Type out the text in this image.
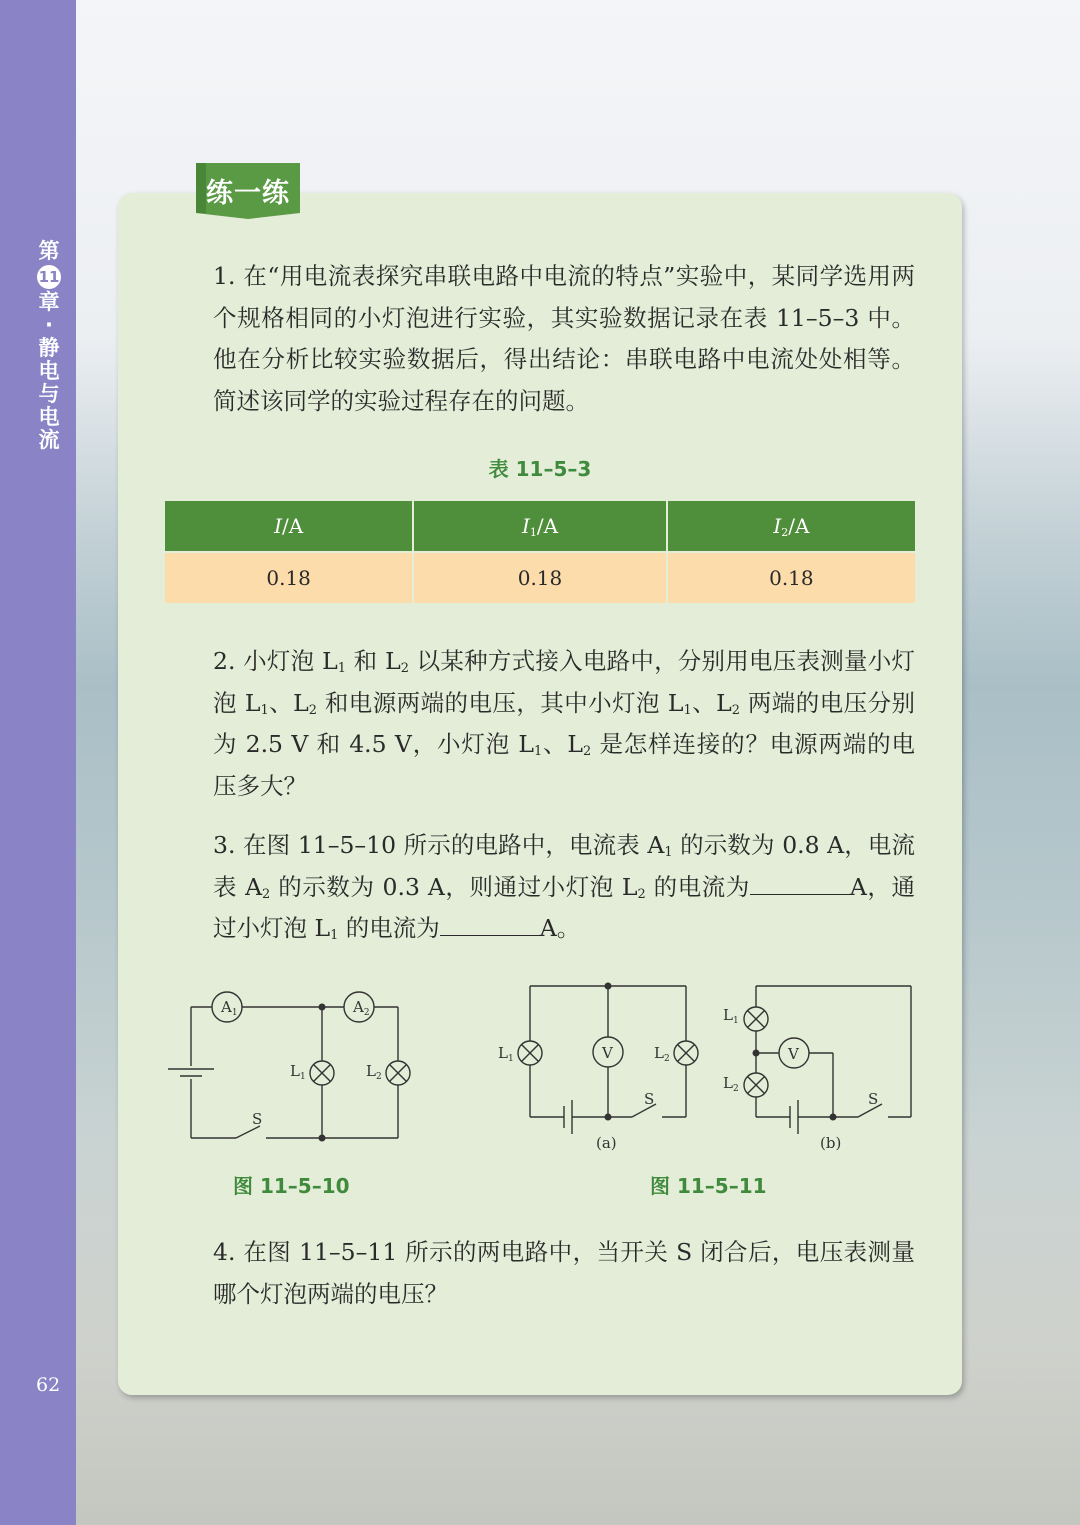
第
11
章
·
静
电
与
电
流
62
练一练
1. 在“用电流表探究串联电路中电流的特点”实验中，某同学选用两个规格相同的小灯泡进行实验，其实验数据记录在表 11–5–3 中。他在分析比较实验数据后，得出结论：串联电路中电流处处相等。简述该同学的实验过程存在的问题。
表 11–5–3
I/A	$I_1/A$	$I_2/A$
0.18	0.18	0.18
2. 小灯泡 $L_1$ 和 $L_2$ 以某种方式接入电路中，分别用电压表测量小灯泡 $L_1$、$L_2$ 和电源两端的电压，其中小灯泡 $L_1$、$L_2$ 两端的电压分别为 2.5 V 和 4.5 V，小灯泡 $L_1$、$L_2$ 是怎样连接的？电源两端的电压多大？
3. 在图 11–5–10 所示的电路中，电流表 $A_1$ 的示数为 0.8 A，电流表 $A_2$ 的示数为 0.3 A，则通过小灯泡 $L_2$ 的电流为	A，通过小灯泡 $L_1$ 的电流为	A。
$A_1$	$A_2$
$L_1$	$L_2$
S
$L_1$	$L_2$
V
S
(a)
$L_1$
$L_2$
V
S
(b)
图 11–5–10	图 11–5–11
4. 在图 11–5–11 所示的两电路中，当开关 S 闭合后，电压表测量哪个灯泡两端的电压？
